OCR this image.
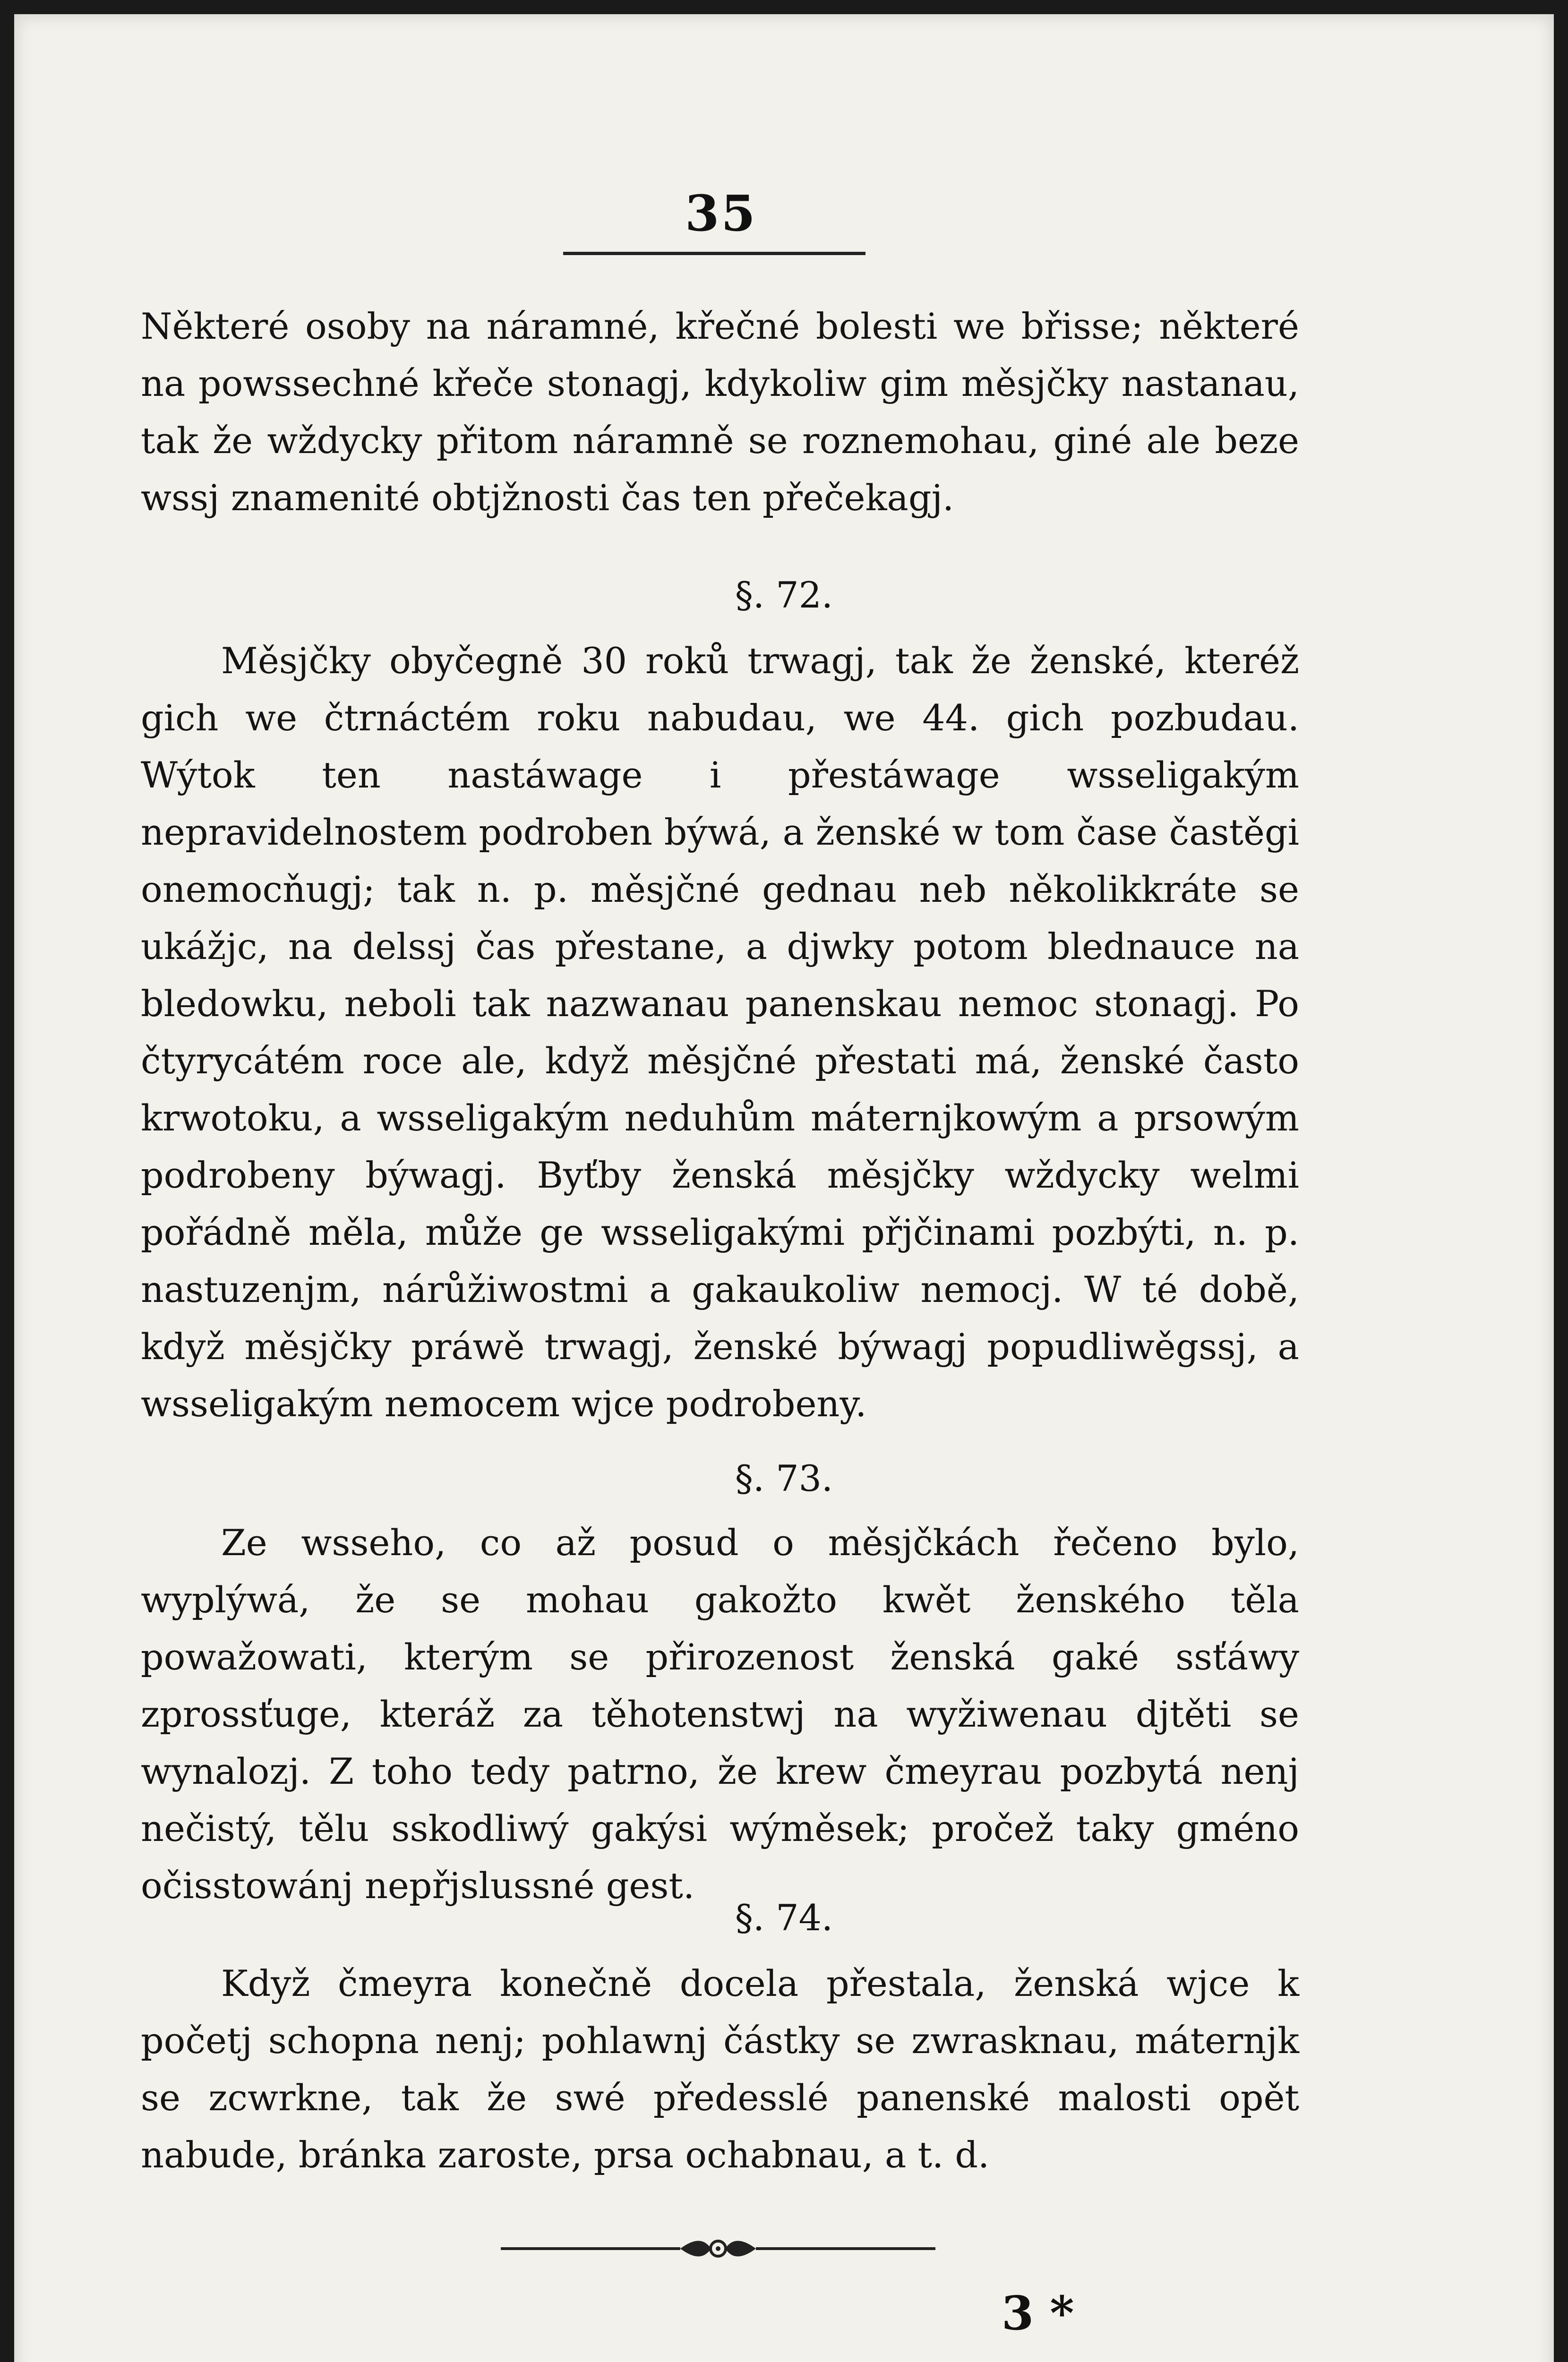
35

Některé osoby na náramné, křečné bolesti we břisse; některé na powssechné křeče stonagj, kdykoliw gim měsjčky nastanau, tak že wždycky přitom náramně se roznemohau, giné ale beze wssj znamenité obtjžnosti čas ten přečekagj.

§. 72.

Měsjčky obyčegně 30 roků trwagj, tak že ženské, kteréž gich we čtrnáctém roku nabudau, we 44. gich pozbudau. Wýtok ten nastáwage i přestáwage wsseligakým nepravidelnostem podroben býwá, a ženské w tom čase častěgi onemocňugj; tak n. p. měsjčné gednau neb několikkráte se ukážjc, na delssj čas přestane, a djwky potom blednauce na bledowku, neboli tak nazwanau panenskau nemoc stonagj. Po čtyrycátém roce ale, když měsjčné přestati má, ženské často krwotoku, a wsseligakým neduhům máternjkowým a prsowým podrobeny býwagj. Byťby ženská měsjčky wždycky welmi pořádně měla, může ge wsseligakými přjčinami pozbýti, n. p. nastuzenjm, nárůžiwostmi a gakaukoliw nemocj. W té době, když měsjčky práwě trwagj, ženské býwagj popudliwěgssj, a wsseligakým nemocem wjce podrobeny.

§. 73.

Ze wsseho, co až posud o měsjčkách řečeno bylo, wyplýwá, že se mohau gakožto kwět ženského těla powažowati, kterým se přirozenost ženská gaké ssťáwy zprossťuge, kteráž za těhotenstwj na wyžiwenau djtěti se wynalozj. Z toho tedy patrno, že krew čmeyrau pozbytá nenj nečistý, tělu sskodliwý gakýsi wýměsek; pročež taky gméno očisstowánj nepřjslussné gest.

§. 74.

Když čmeyra konečně docela přestala, ženská wjce k početj schopna nenj; pohlawnj částky se zwrasknau, máternjk se zcwrkne, tak že swé předesslé panenské malosti opět nabude, bránka zaroste, prsa ochabnau, a t. d.

3 *
